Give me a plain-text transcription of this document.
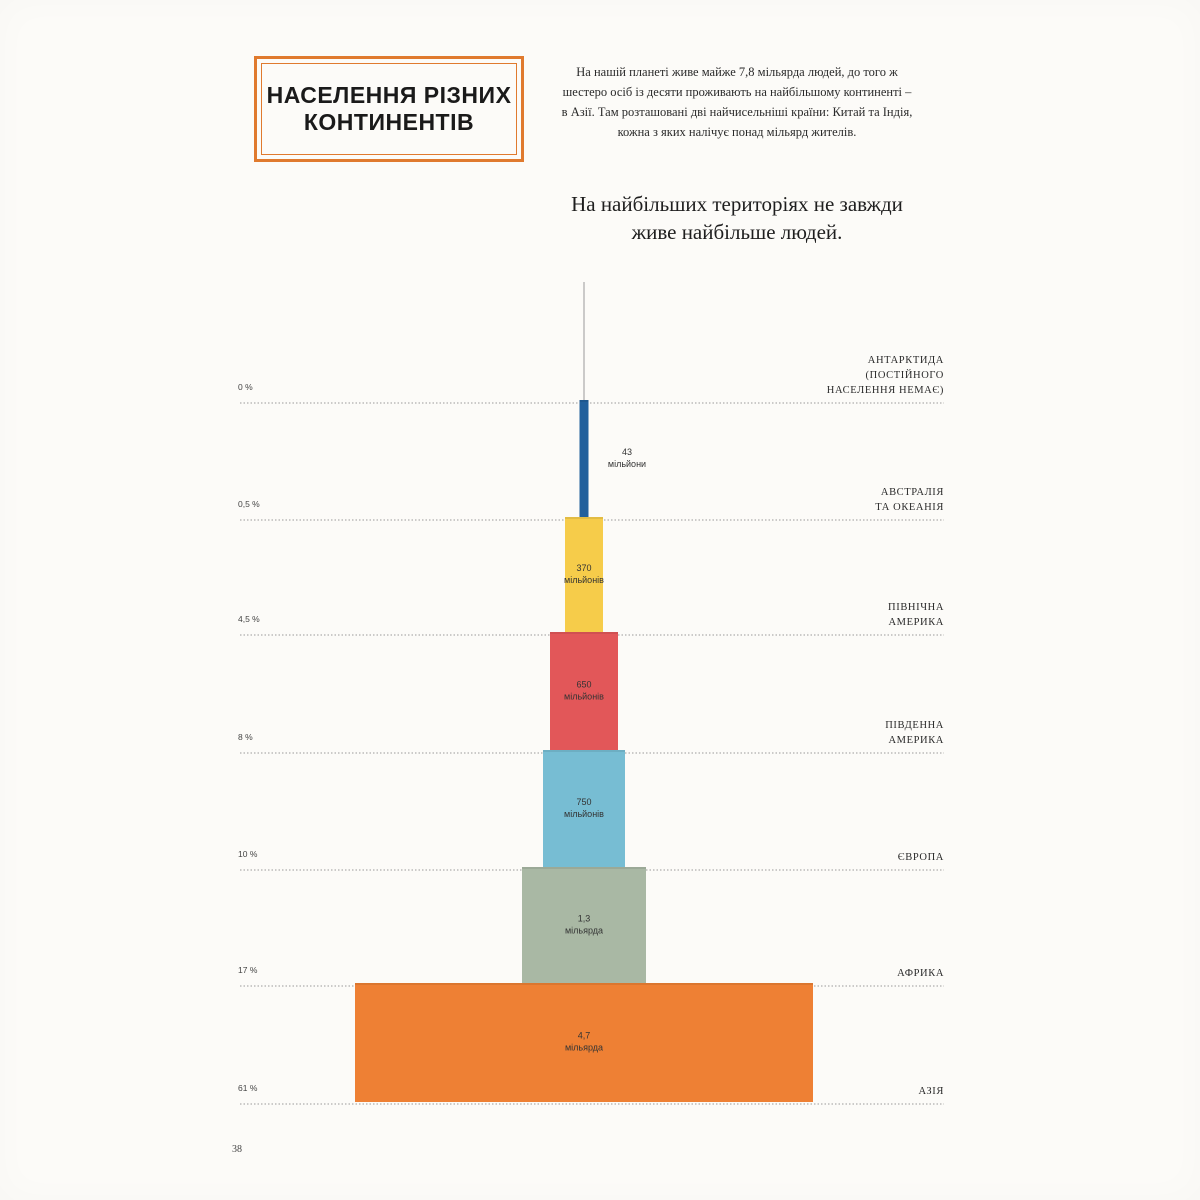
НАСЕЛЕННЯ РІЗНИХ
КОНТИНЕНТІВ
На нашій планеті живе майже 7,8 мільярда людей, до того ж шестеро осіб із десяти проживають на найбільшому континенті – в Азії. Там розташовані дві найчисельніші країни: Китай та Індія, кожна з яких налічує понад мільярд жителів.
На найбільших територіях не завжди живе найбільше людей.
0 %
АНТАРКТИДА
(ПОСТІЙНОГО
НАСЕЛЕННЯ НЕМАЄ)
0,5 %
АВСТРАЛІЯ
ТА ОКЕАНІЯ
43
мільйони
4,5 %
ПІВНІЧНА
АМЕРИКА
370
мільйонів
8 %
ПІВДЕННА
АМЕРИКА
650
мільйонів
10 %	ЄВРОПА
750
мільйонів
17 %	АФРИКА
1,3
мільярда
61 %	АЗІЯ
4,7
мільярда
38
